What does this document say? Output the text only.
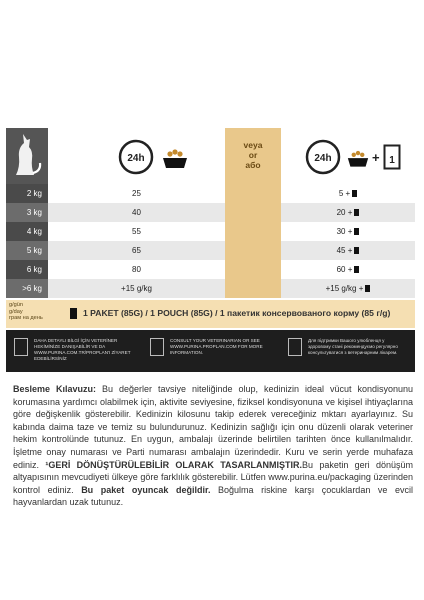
24h
veya
or
або
24h	+ 1
2 kg	25	5 +
3 kg	40	20 +
4 kg	55	30 +
5 kg	65	45 +
6 kg	80	60 +
>6 kg	+15 g/kg	+15 g/kg +
g/gün
g/day
грам на день	1 PAKET (85G) / 1 POUCH (85G) / 1 пакетик консервованого корму (85 г/g)
DAHA DETAYLI BİLGİ İÇİN VETERİNER HEKİMİNİZE DANIŞABİLİR VE DA WWW.PURINA.COM.TR/PROPLAN'I ZİYARET EDEBİLİRSİNİZ
CONSULT YOUR VETERINARIAN OR SEE WWW.PURINA.PROPLAN.COM FOR MORE INFORMATION.
Для підтримки Вашого улюбленця у здоровому стані рекомендуємо регулярно консультуватися з ветеринарним лікарем.
Besleme Kılavuzu: Bu değerler tavsiye niteliğinde olup, kedinizin ideal vücut kondisyonunu korumasına yardımcı olabilmek için, aktivite seviyesine, fiziksel kondisyonuna ve kişisel ihtiyaçlarına göre değişkenlik gösterebilir. Kedinizin kilosunu takip ederek vereceğiniz mktarı ayarlayınız. Su kabında daima taze ve temiz su bulundurunuz. Kedinizin sağlığı için onu düzenli olarak veteriner hekim kontrolünde tutunuz. En uygun, ambalajı üzerinde belirtilen tarihten önce kullanılmalıdır. İşletme onay numarası ve Parti numarası ambalajın üzerindedir. Kuru ve serin yerde muhafaza ediniz. ¹GERİ DÖNÜŞTÜRÜLEBİLİR OLARAK TASARLANMIŞTIR.Bu paketin geri dönüşüm altyapısının mevcudiyeti ülkeye göre farklılık gösterebilir. Lütfen www.purina.eu/packaging üzerinden kontrol ediniz. Bu paket oyuncak değildir. Boğulma riskine karşı çocuklardan ve evcil hayvanlardan uzak tutunuz.
